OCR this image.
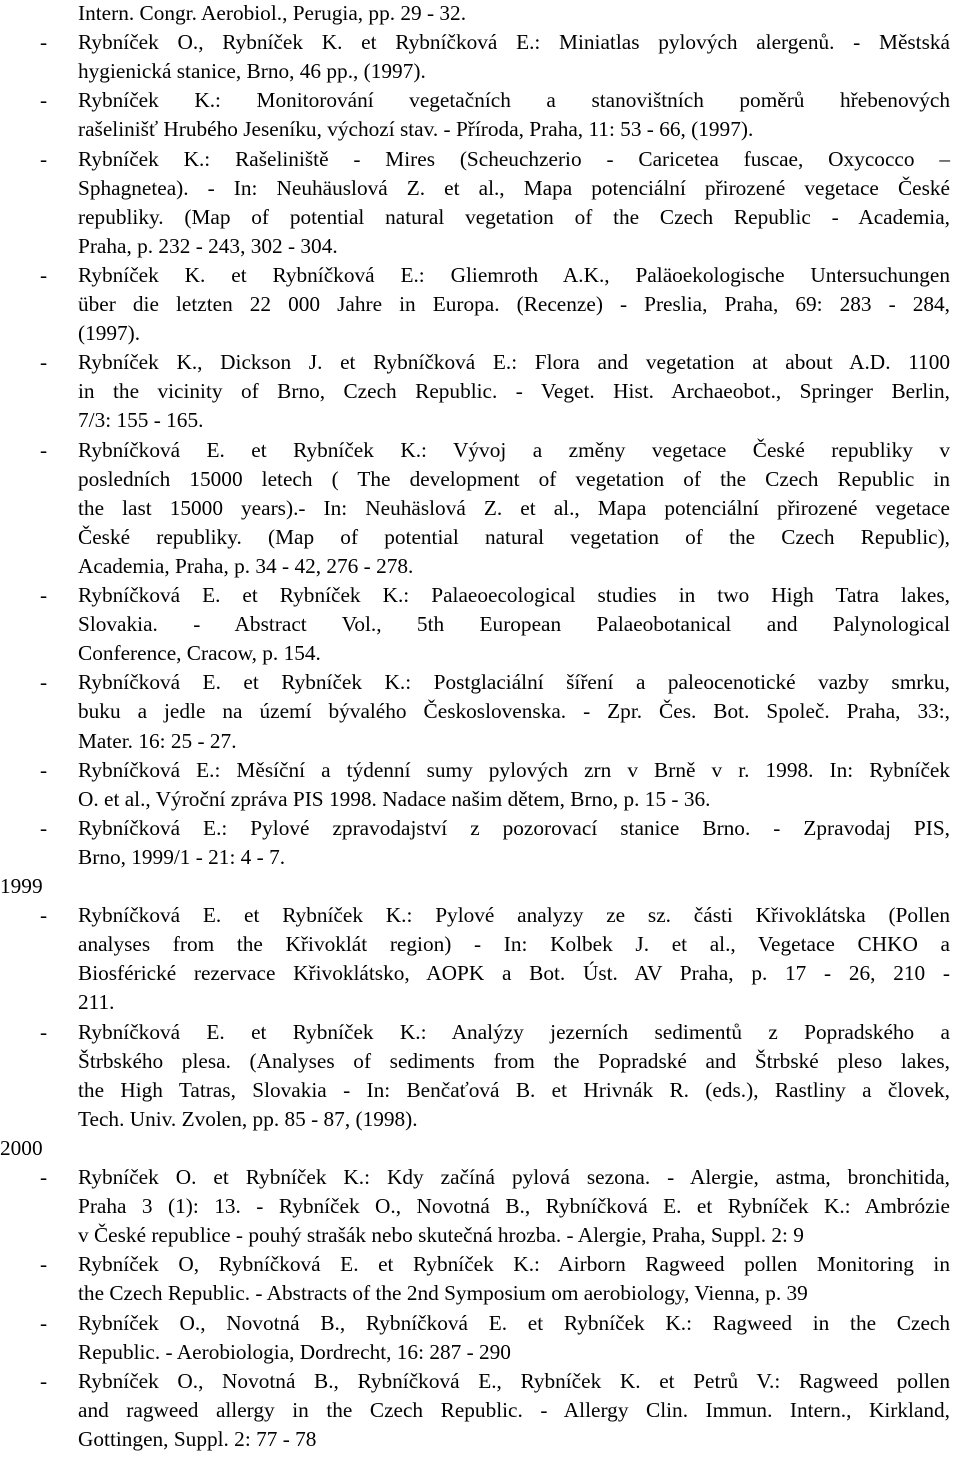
Intern. Congr. Aerobiol., Perugia, pp. 29 - 32.
- Rybníček O., Rybníček K. et Rybníčková E.: Miniatlas pylových alergenů. - Městská
hygienická stanice, Brno, 46 pp., (1997).
- Rybníček K.: Monitorování vegetačních a stanovištních poměrů hřebenových
rašelinišť Hrubého Jeseníku, výchozí stav. - Příroda, Praha, 11: 53 - 66, (1997).
- Rybníček K.: Rašeliniště - Mires (Scheuchzerio - Caricetea fuscae, Oxycocco –
Sphagnetea). - In: Neuhäuslová Z. et al., Mapa potenciální přirozené vegetace České
republiky. (Map of potential natural vegetation of the Czech Republic - Academia,
Praha, p. 232 - 243, 302 - 304.
- Rybníček K. et Rybníčková E.: Gliemroth A.K., Paläoekologische Untersuchungen
über die letzten 22 000 Jahre in Europa. (Recenze) - Preslia, Praha, 69: 283 - 284,
(1997).
- Rybníček K., Dickson J. et Rybníčková E.: Flora and vegetation at about A.D. 1100
in the vicinity of Brno, Czech Republic. - Veget. Hist. Archaeobot., Springer Berlin,
7/3: 155 - 165.
- Rybníčková E. et Rybníček K.: Vývoj a změny vegetace České republiky v
posledních 15000 letech ( The development of vegetation of the Czech Republic in
the last 15000 years).- In: Neuhäslová Z. et al., Mapa potenciální přirozené vegetace
České republiky. (Map of potential natural vegetation of the Czech Republic),
Academia, Praha, p. 34 - 42, 276 - 278.
- Rybníčková E. et Rybníček K.: Palaeoecological studies in two High Tatra lakes,
Slovakia. - Abstract Vol., 5th European Palaeobotanical and Palynological
Conference, Cracow, p. 154.
- Rybníčková E. et Rybníček K.: Postglaciální šíření a paleocenotické vazby smrku,
buku a jedle na území bývalého Československa. - Zpr. Čes. Bot. Společ. Praha, 33:,
Mater. 16: 25 - 27.
- Rybníčková E.: Měsíční a týdenní sumy pylových zrn v Brně v r. 1998. In: Rybníček
O. et al., Výroční zpráva PIS 1998. Nadace našim dětem, Brno, p. 15 - 36.
- Rybníčková E.: Pylové zpravodajství z pozorovací stanice Brno. - Zpravodaj PIS,
Brno, 1999/1 - 21: 4 - 7.
1999
- Rybníčková E. et Rybníček K.: Pylové analyzy ze sz. části Křivoklátska (Pollen
analyses from the Křivoklát region) - In: Kolbek J. et al., Vegetace CHKO a
Biosférické rezervace Křivoklátsko, AOPK a Bot. Úst. AV Praha, p. 17 - 26, 210 -
211.
- Rybníčková E. et Rybníček K.: Analýzy jezerních sedimentů z Popradského a
Štrbského plesa. (Analyses of sediments from the Popradské and Štrbské pleso lakes,
the High Tatras, Slovakia - In: Benčaťová B. et Hrivnák R. (eds.), Rastliny a človek,
Tech. Univ. Zvolen, pp. 85 - 87, (1998).
2000
- Rybníček O. et Rybníček K.: Kdy začíná pylová sezona. - Alergie, astma, bronchitida,
Praha 3 (1): 13. - Rybníček O., Novotná B., Rybníčková E. et Rybníček K.: Ambrózie
v České republice - pouhý strašák nebo skutečná hrozba. - Alergie, Praha, Suppl. 2: 9
- Rybníček O, Rybníčková E. et Rybníček K.: Airborn Ragweed pollen Monitoring in
the Czech Republic. - Abstracts of the 2nd Symposium om aerobiology, Vienna, p. 39
- Rybníček O., Novotná B., Rybníčková E. et Rybníček K.: Ragweed in the Czech
Republic. - Aerobiologia, Dordrecht, 16: 287 - 290
- Rybníček O., Novotná B., Rybníčková E., Rybníček K. et Petrů V.: Ragweed pollen
and ragweed allergy in the Czech Republic. - Allergy Clin. Immun. Intern., Kirkland,
Gottingen, Suppl. 2: 77 - 78
